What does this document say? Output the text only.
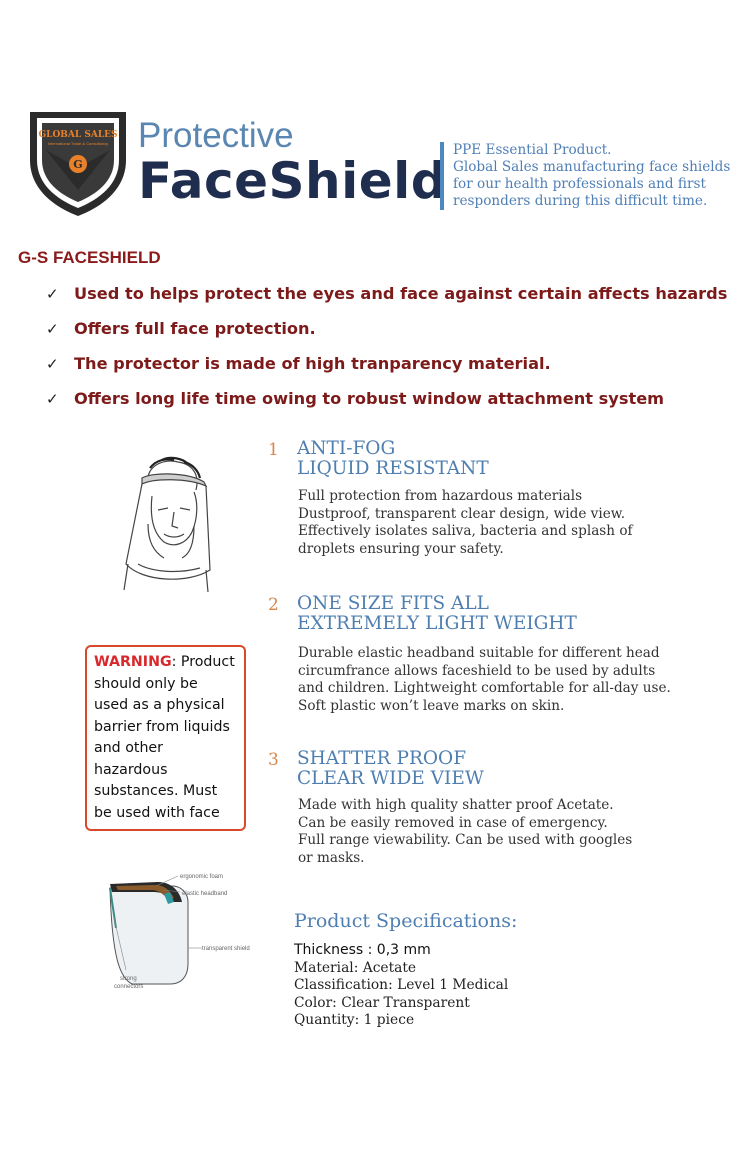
GLOBAL SALES
International Trade & Consultancy
G
Protective
FaceShield
PPE Essential Product.
Global Sales manufacturing face shields
for our health professionals and first
responders during this difficult time.
G-S FACESHIELD
✓ Used to helps protect the eyes and face against certain affects hazards
✓ Offers full face protection.
✓ The protector is made of high tranparency material.
✓ Offers long life time owing to robust window attachment system
1 ANTI-FOG
LIQUID RESISTANT
Full protection from hazardous materials
Dustproof, transparent clear design, wide view.
Effectively isolates saliva, bacteria and splash of
droplets ensuring your safety.
2 ONE SIZE FITS ALL
EXTREMELY LIGHT WEIGHT
Durable elastic headband suitable for different head
circumfrance allows faceshield to be used by adults
and children. Lightweight comfortable for all-day use.
Soft plastic won’t leave marks on skin.
WARNING: Product should only be used as a physical barrier from liquids and other hazardous substances. Must be used with face
3 SHATTER PROOF
CLEAR WIDE VIEW
Made with high quality shatter proof Acetate.
Can be easily removed in case of emergency.
Full range viewability. Can be used with googles
or masks.
ergonomic foam
elastic headband
transparent shield
strong
connectors
Product Specifications:
Thickness : 0,3 mm
Material: Acetate
Classification: Level 1 Medical
Color: Clear Transparent
Quantity: 1 piece
